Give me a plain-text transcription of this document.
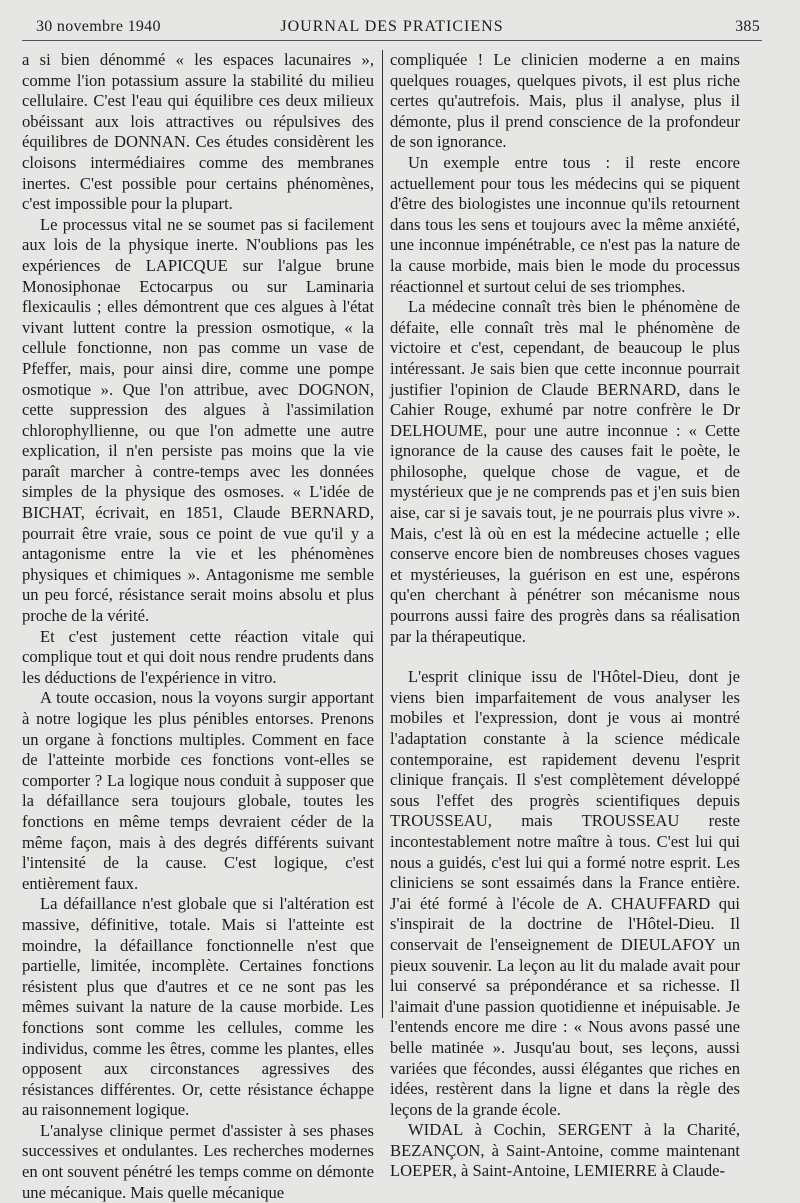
30 novembre 1940	JOURNAL DES PRATICIENS	385

a si bien dénommé « les espaces lacunaires », comme l'ion potassium assure la stabilité du milieu cellulaire. C'est l'eau qui équilibre ces deux milieux obéissant aux lois attractives ou répulsives des équilibres de DONNAN. Ces études considèrent les cloisons intermédiaires comme des membranes inertes. C'est possible pour certains phénomènes, c'est impossible pour la plupart.

Le processus vital ne se soumet pas si facilement aux lois de la physique inerte. N'oublions pas les expériences de LAPICQUE sur l'algue brune Monosiphonae Ectocarpus ou sur Laminaria flexicaulis ; elles démontrent que ces algues à l'état vivant luttent contre la pression osmotique, « la cellule fonctionne, non pas comme un vase de Pfeffer, mais, pour ainsi dire, comme une pompe osmotique ». Que l'on attribue, avec DOGNON, cette suppression des algues à l'assimilation chlorophyllienne, ou que l'on admette une autre explication, il n'en persiste pas moins que la vie paraît marcher à contre-temps avec les données simples de la physique des osmoses. « L'idée de BICHAT, écrivait, en 1851, Claude BERNARD, pourrait être vraie, sous ce point de vue qu'il y a antagonisme entre la vie et les phénomènes physiques et chimiques ». Antagonisme me semble un peu forcé, résistance serait moins absolu et plus proche de la vérité.

Et c'est justement cette réaction vitale qui complique tout et qui doit nous rendre prudents dans les déductions de l'expérience in vitro.

A toute occasion, nous la voyons surgir apportant à notre logique les plus pénibles entorses. Prenons un organe à fonctions multiples. Comment en face de l'atteinte morbide ces fonctions vont-elles se comporter ? La logique nous conduit à supposer que la défaillance sera toujours globale, toutes les fonctions en même temps devraient céder de la même façon, mais à des degrés différents suivant l'intensité de la cause. C'est logique, c'est entièrement faux.

La défaillance n'est globale que si l'altération est massive, définitive, totale. Mais si l'atteinte est moindre, la défaillance fonctionnelle n'est que partielle, limitée, incomplète. Certaines fonctions résistent plus que d'autres et ce ne sont pas les mêmes suivant la nature de la cause morbide. Les fonctions sont comme les cellules, comme les individus, comme les êtres, comme les plantes, elles opposent aux circonstances agressives des résistances différentes. Or, cette résistance échappe au raisonnement logique.

L'analyse clinique permet d'assister à ses phases successives et ondulantes. Les recherches modernes en ont souvent pénétré les temps comme on démonte une mécanique. Mais quelle mécanique

compliquée ! Le clinicien moderne a en mains quelques rouages, quelques pivots, il est plus riche certes qu'autrefois. Mais, plus il analyse, plus il démonte, plus il prend conscience de la profondeur de son ignorance.

Un exemple entre tous : il reste encore actuellement pour tous les médecins qui se piquent d'être des biologistes une inconnue qu'ils retournent dans tous les sens et toujours avec la même anxiété, une inconnue impénétrable, ce n'est pas la nature de la cause morbide, mais bien le mode du processus réactionnel et surtout celui de ses triomphes.

La médecine connaît très bien le phénomène de défaite, elle connaît très mal le phénomène de victoire et c'est, cependant, de beaucoup le plus intéressant. Je sais bien que cette inconnue pourrait justifier l'opinion de Claude BERNARD, dans le Cahier Rouge, exhumé par notre confrère le Dr DELHOUME, pour une autre inconnue : « Cette ignorance de la cause des causes fait le poète, le philosophe, quelque chose de vague, et de mystérieux que je ne comprends pas et j'en suis bien aise, car si je savais tout, je ne pourrais plus vivre ». Mais, c'est là où en est la médecine actuelle ; elle conserve encore bien de nombreuses choses vagues et mystérieuses, la guérison en est une, espérons qu'en cherchant à pénétrer son mécanisme nous pourrons aussi faire des progrès dans sa réalisation par la thérapeutique.

L'esprit clinique issu de l'Hôtel-Dieu, dont je viens bien imparfaitement de vous analyser les mobiles et l'expression, dont je vous ai montré l'adaptation constante à la science médicale contemporaine, est rapidement devenu l'esprit clinique français. Il s'est complètement développé sous l'effet des progrès scientifiques depuis TROUSSEAU, mais TROUSSEAU reste incontestablement notre maître à tous. C'est lui qui nous a guidés, c'est lui qui a formé notre esprit. Les cliniciens se sont essaimés dans la France entière. J'ai été formé à l'école de A. CHAUFFARD qui s'inspirait de la doctrine de l'Hôtel-Dieu. Il conservait de l'enseignement de DIEULAFOY un pieux souvenir. La leçon au lit du malade avait pour lui conservé sa prépondérance et sa richesse. Il l'aimait d'une passion quotidienne et inépuisable. Je l'entends encore me dire : « Nous avons passé une belle matinée ». Jusqu'au bout, ses leçons, aussi variées que fécondes, aussi élégantes que riches en idées, restèrent dans la ligne et dans la règle des leçons de la grande école.

WIDAL à Cochin, SERGENT à la Charité, BEZANÇON, à Saint-Antoine, comme maintenant LOEPER, à Saint-Antoine, LEMIERRE à Claude-
